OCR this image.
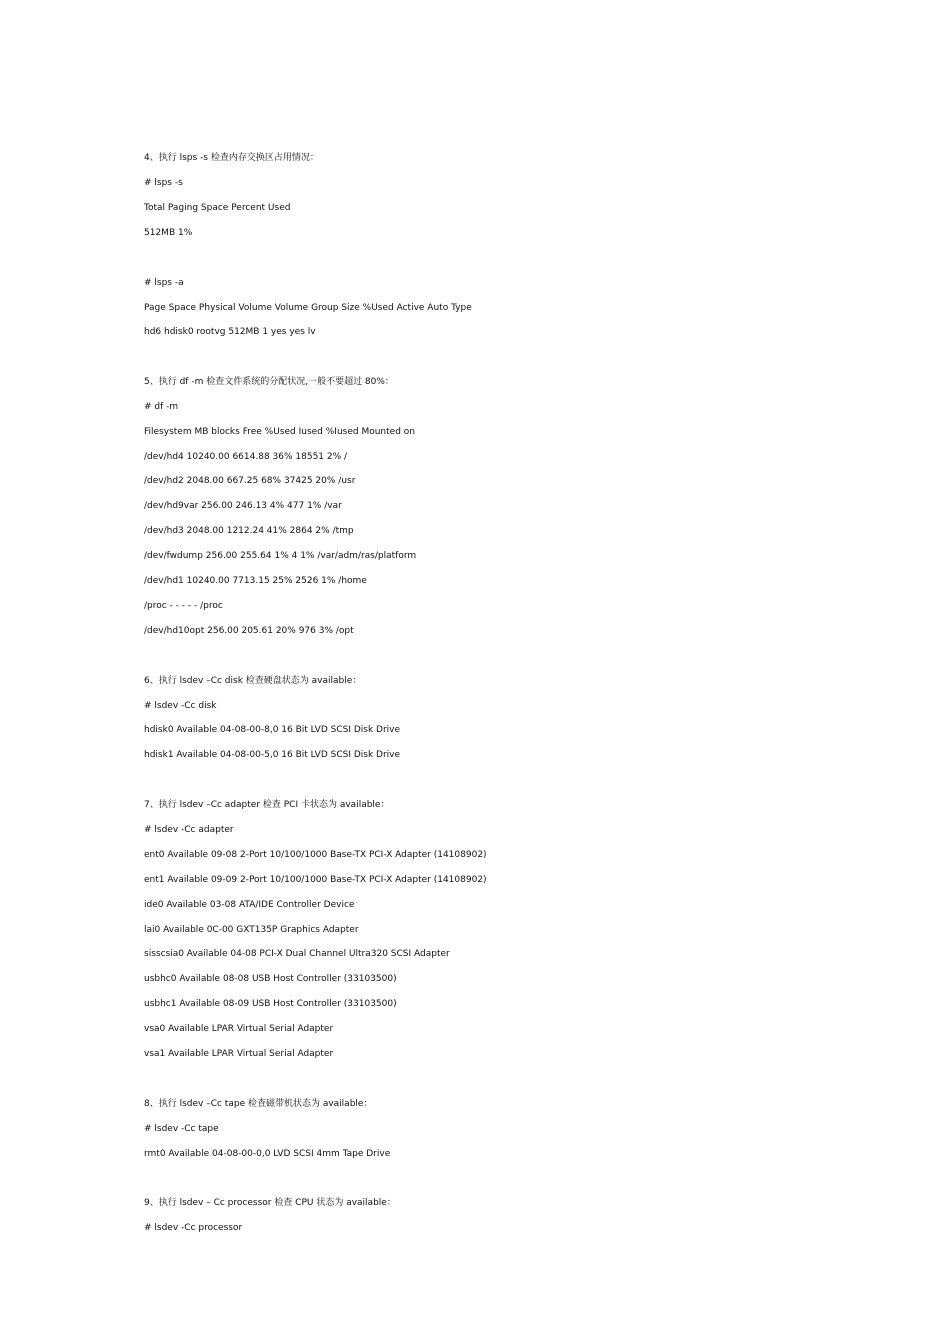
4、执行 lsps -s 检查内存交换区占用情况：
# lsps -s
Total Paging Space Percent Used
512MB 1%
# lsps -a
Page Space Physical Volume Volume Group Size %Used Active Auto Type
hd6 hdisk0 rootvg 512MB 1 yes yes lv
5、执行 df -m 检查文件系统的分配状况,一般不要超过 80%：
# df -m
Filesystem MB blocks Free %Used Iused %Iused Mounted on
/dev/hd4 10240.00 6614.88 36% 18551 2% /
/dev/hd2 2048.00 667.25 68% 37425 20% /usr
/dev/hd9var 256.00 246.13 4% 477 1% /var
/dev/hd3 2048.00 1212.24 41% 2864 2% /tmp
/dev/fwdump 256.00 255.64 1% 4 1% /var/adm/ras/platform
/dev/hd1 10240.00 7713.15 25% 2526 1% /home
/proc - - - - - /proc
/dev/hd10opt 256.00 205.61 20% 976 3% /opt
6、执行 lsdev –Cc disk 检查硬盘状态为 available：
# lsdev -Cc disk
hdisk0 Available 04-08-00-8,0 16 Bit LVD SCSI Disk Drive
hdisk1 Available 04-08-00-5,0 16 Bit LVD SCSI Disk Drive
7、执行 lsdev –Cc adapter 检查 PCI 卡状态为 available：
# lsdev -Cc adapter
ent0 Available 09-08 2-Port 10/100/1000 Base-TX PCI-X Adapter (14108902)
ent1 Available 09-09 2-Port 10/100/1000 Base-TX PCI-X Adapter (14108902)
ide0 Available 03-08 ATA/IDE Controller Device
lai0 Available 0C-00 GXT135P Graphics Adapter
sisscsia0 Available 04-08 PCI-X Dual Channel Ultra320 SCSI Adapter
usbhc0 Available 08-08 USB Host Controller (33103500)
usbhc1 Available 08-09 USB Host Controller (33103500)
vsa0 Available LPAR Virtual Serial Adapter
vsa1 Available LPAR Virtual Serial Adapter
8、执行 lsdev –Cc tape 检查磁带机状态为 available：
# lsdev -Cc tape
rmt0 Available 04-08-00-0,0 LVD SCSI 4mm Tape Drive
9、执行 lsdev – Cc processor 检查 CPU 状态为 available：
# lsdev -Cc processor
